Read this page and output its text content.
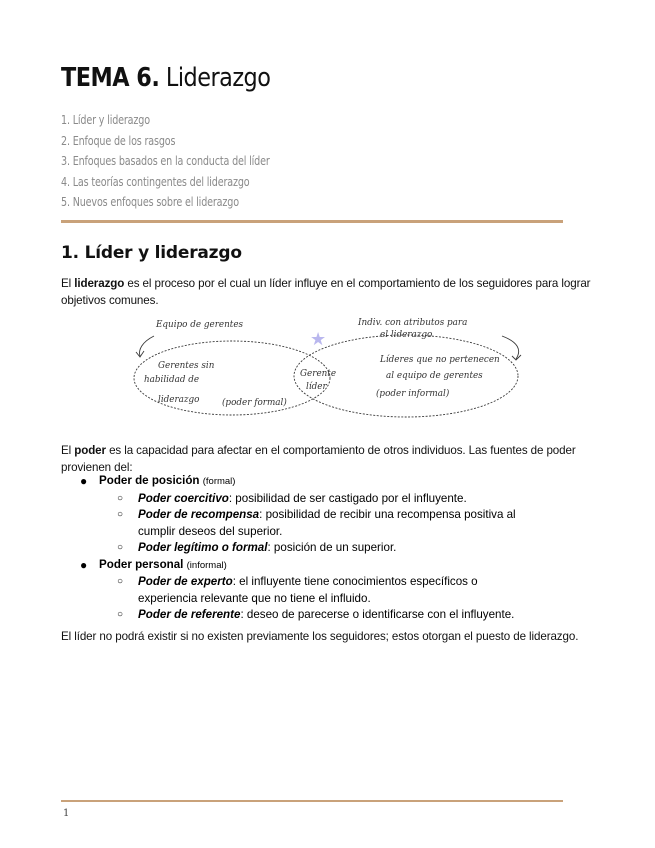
TEMA 6. Liderazgo
1. Líder y liderazgo
2. Enfoque de los rasgos
3. Enfoques basados en la conducta del líder
4. Las teorías contingentes del liderazgo
5. Nuevos enfoques sobre el liderazgo
1. Líder y liderazgo

El liderazgo es el proceso por el cual un líder influye en el comportamiento de los seguidores para lograr objetivos comunes.

Equipo de gerentes	Indiv. con atributos para
el liderazgo
★
Gerentes sin
habilidad de
liderazgo	(poder formal)
Gerente
líder
Líderes que no pertenecen
al equipo de gerentes
(poder informal)

El poder es la capacidad para afectar en el comportamiento de otros individuos. Las fuentes de poder provienen del:

● Poder de posición (formal)
○ Poder coercitivo: posibilidad de ser castigado por el influyente.
○ Poder de recompensa: posibilidad de recibir una recompensa positiva al cumplir deseos del superior.
○ Poder legítimo o formal: posición de un superior.
● Poder personal (informal)
○ Poder de experto: el influyente tiene conocimientos específicos o experiencia relevante que no tiene el influido.
○ Poder de referente: deseo de parecerse o identificarse con el influyente.

El líder no podrá existir si no existen previamente los seguidores; estos otorgan el puesto de liderazgo.

1
